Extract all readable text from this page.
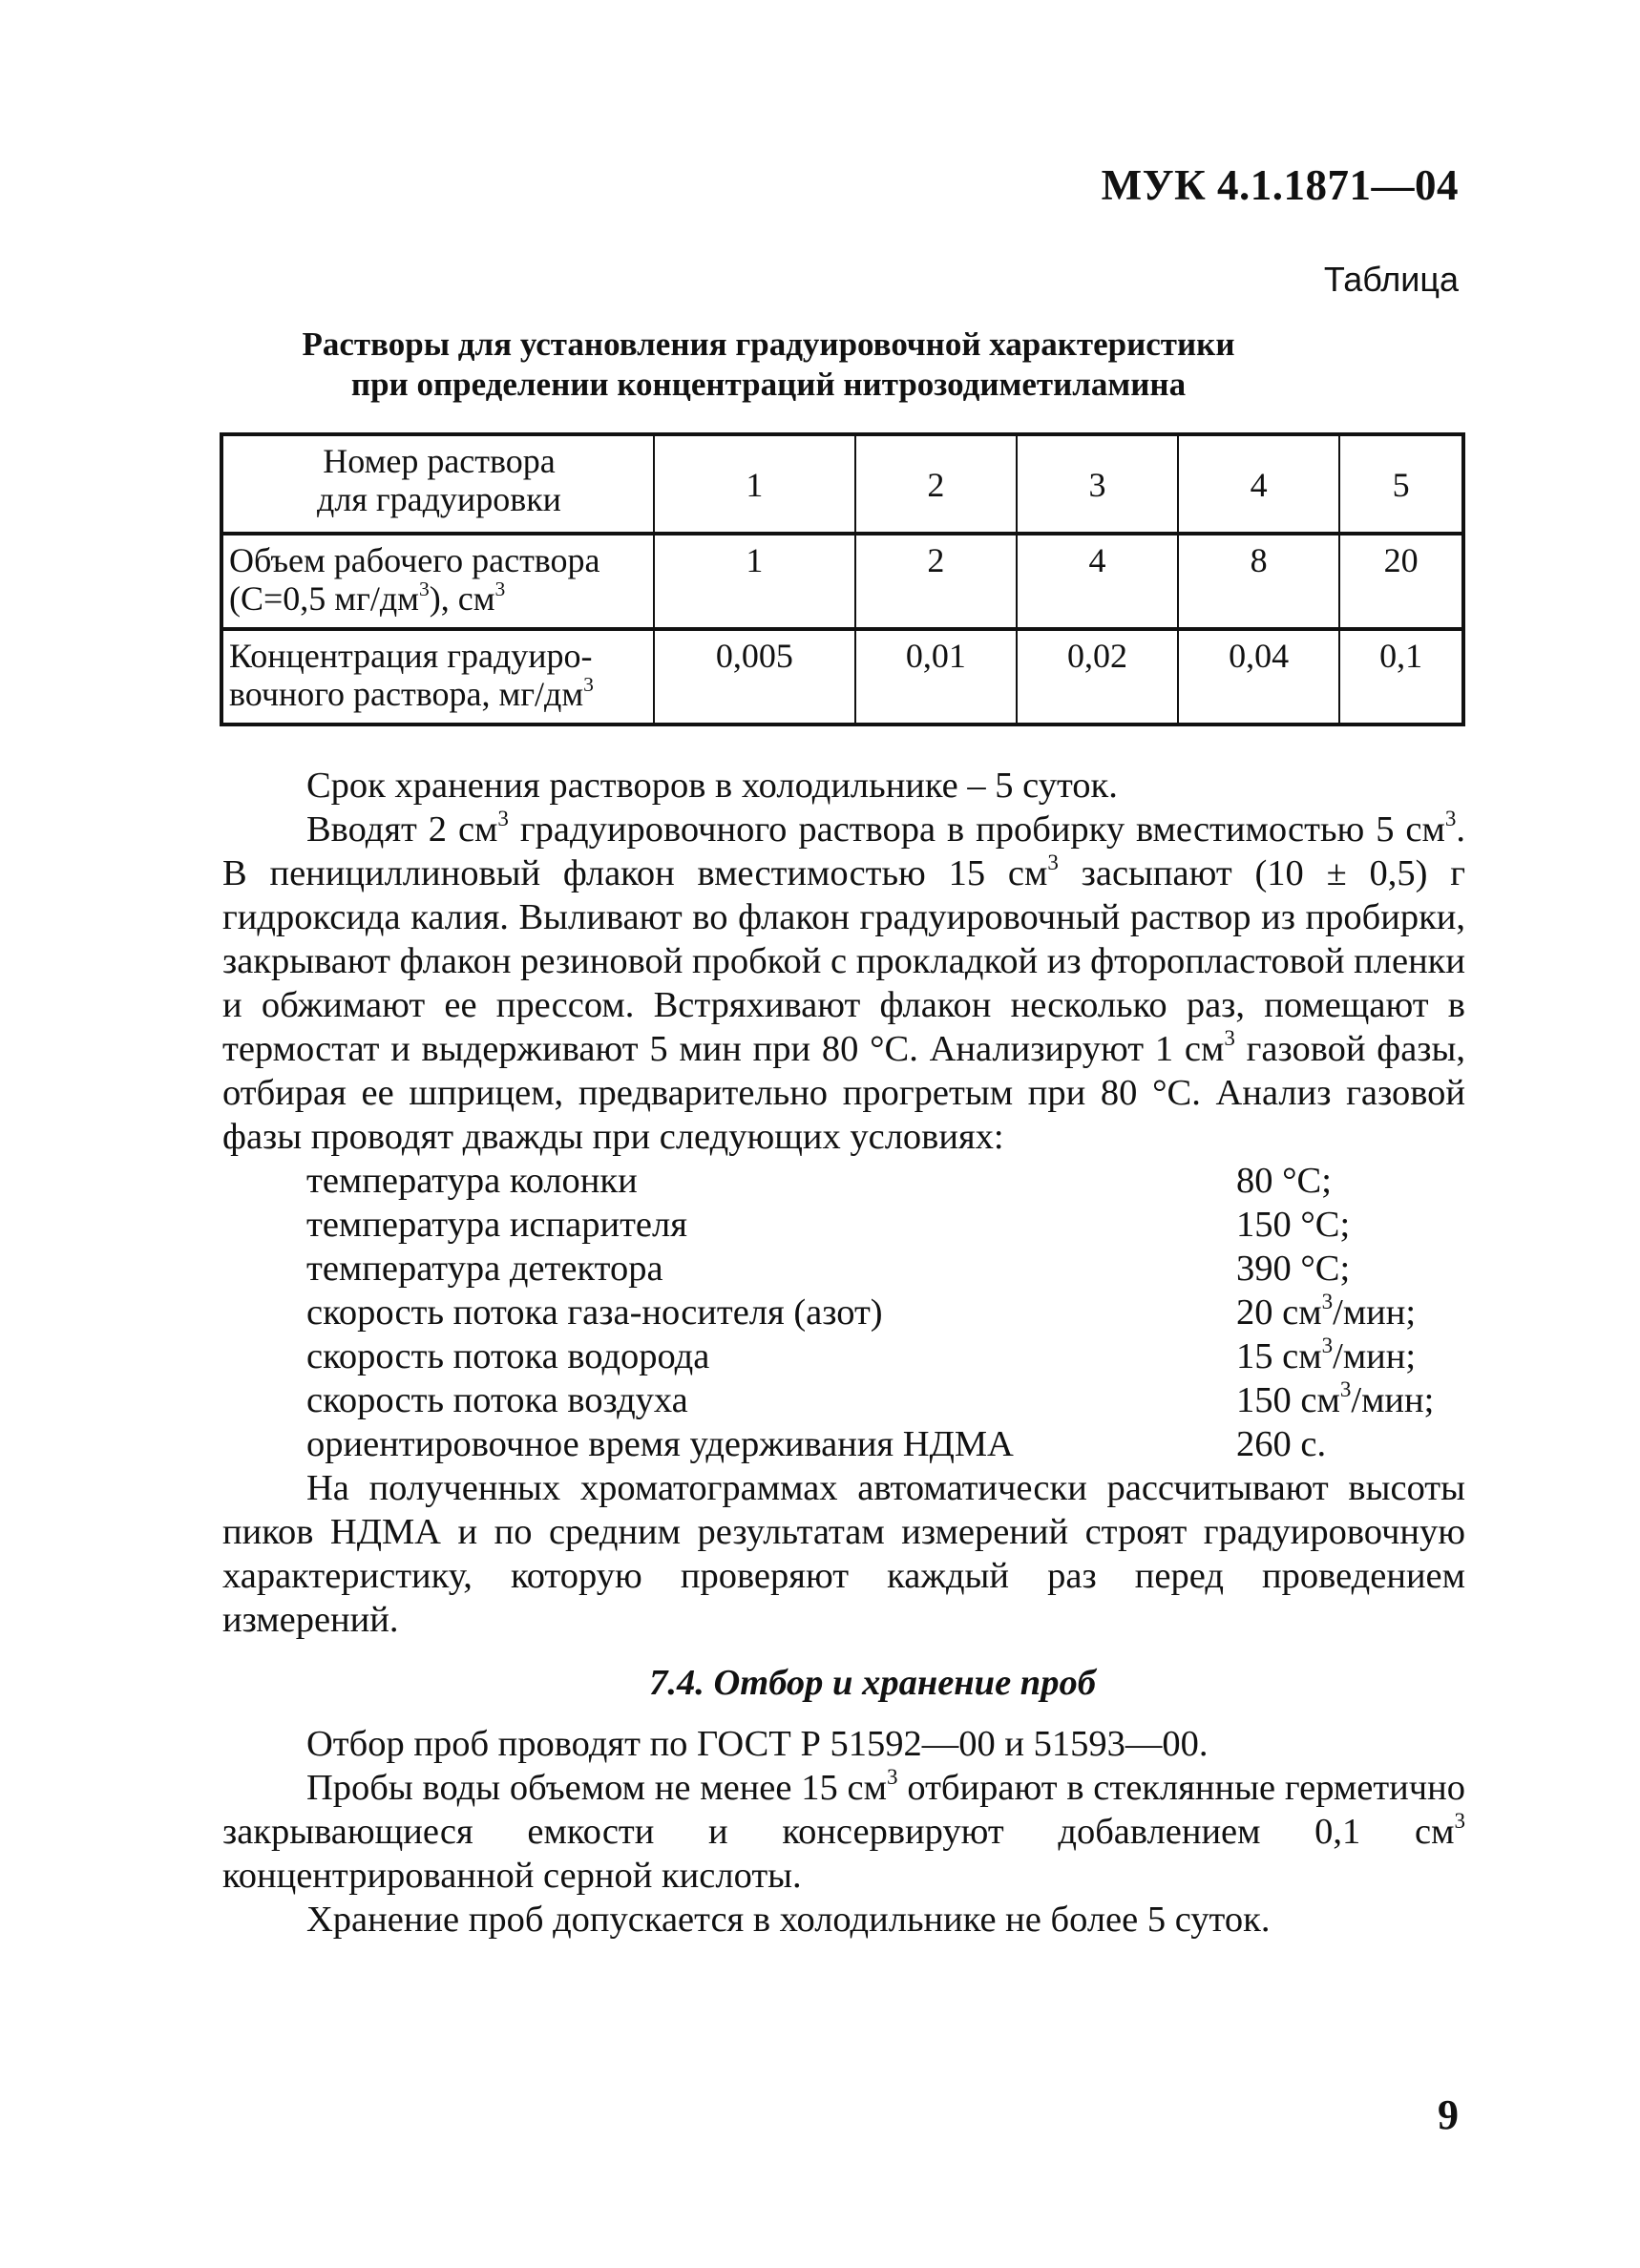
МУК 4.1.1871—04
Таблица
Растворы для установления градуировочной характеристики
при определении концентраций нитрозодиметиламина
Номер раствора
для градуировки	1	2	3	4	5

Объем рабочего раствора
(С=0,5 $мг/дм^3$), $см^3$	1	2	4	8	20

Концентрация градуиро-
вочного раствора, $мг/дм^3$	0,005	0,01	0,02	0,04	0,1

Срок хранения растворов в холодильнике – 5 суток.

Вводят 2 $см^3$ градуировочного раствора в пробирку вместимостью 5 $см^3$. В пенициллиновый флакон вместимостью 15 $см^3$ засыпают (10 ± 0,5) г гидроксида калия. Выливают во флакон градуировочный раствор из пробирки, закрывают флакон резиновой пробкой с прокладкой из фторопластовой пленки и обжимают ее прессом. Встряхивают флакон несколько раз, помещают в термостат и выдерживают 5 мин при 80 °С. Анализируют 1 $см^3$ газовой фазы, отбирая ее шприцем, предварительно прогретым при 80 °С. Анализ газовой фазы проводят дважды при следующих условиях:

температура колонки	80 °С;
температура испарителя	150 °С;
температура детектора	390 °С;
скорость потока газа-носителя (азот)	20 $см^3$/мин;
скорость потока водорода	15 $см^3$/мин;
скорость потока воздуха	150 $см^3$/мин;
ориентировочное время удерживания НДМА	260 с.

На полученных хроматограммах автоматически рассчитывают высоты пиков НДМА и по средним результатам измерений строят градуировочную характеристику, которую проверяют каждый раз перед проведением измерений.

7.4. Отбор и хранение проб

Отбор проб проводят по ГОСТ Р 51592—00 и 51593—00.

Пробы воды объемом не менее 15 $см^3$ отбирают в стеклянные герметично закрывающиеся емкости и консервируют добавлением 0,1 $см^3$ концентрированной серной кислоты.

Хранение проб допускается в холодильнике не более 5 суток.

9
